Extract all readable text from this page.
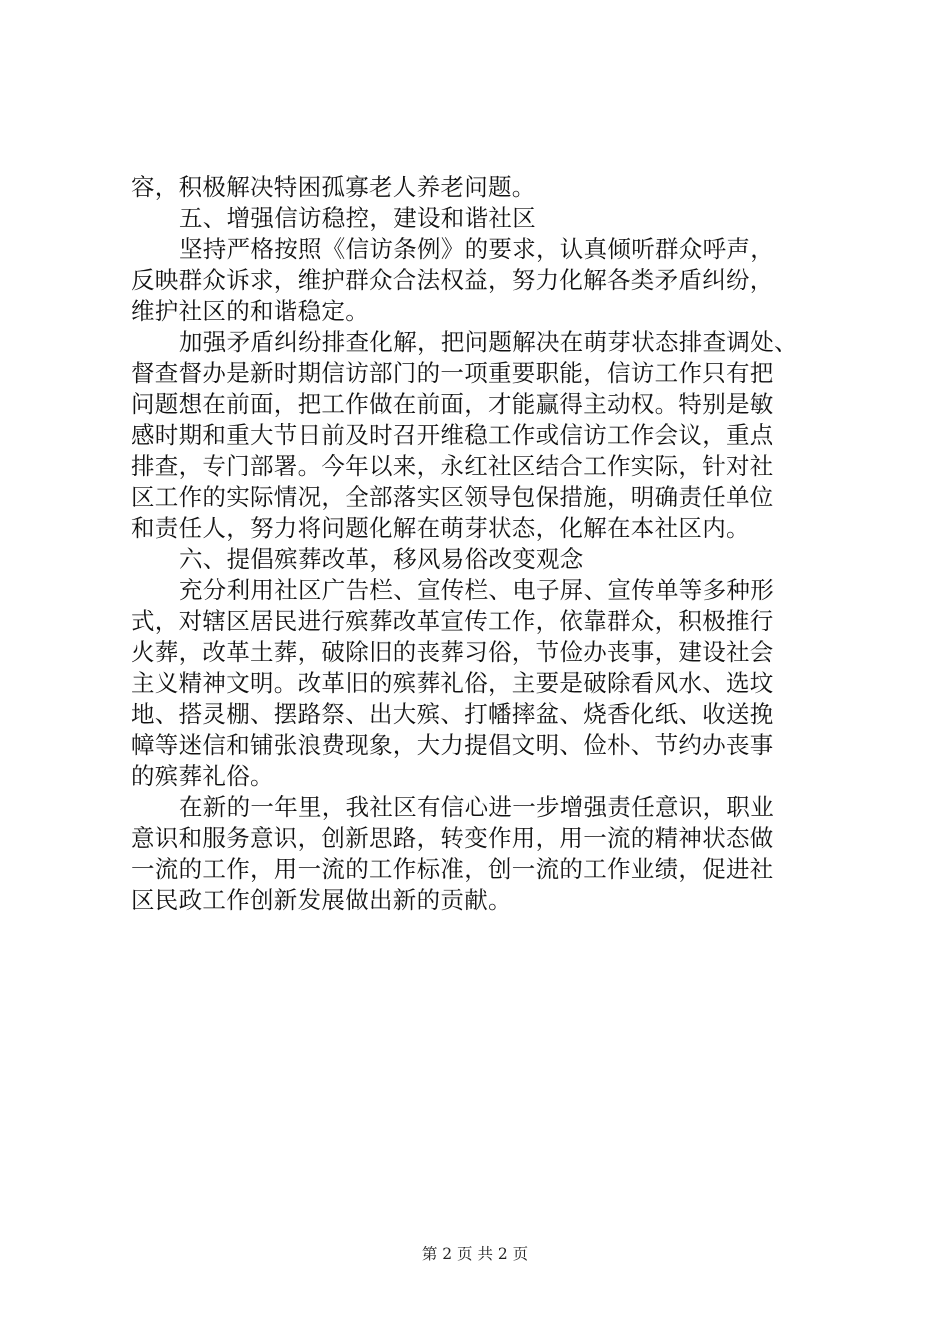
容，积极解决特困孤寡老人养老问题。
五、增强信访稳控，建设和谐社区
坚持严格按照《信访条例》的要求，认真倾听群众呼声，
反映群众诉求，维护群众合法权益，努力化解各类矛盾纠纷，
维护社区的和谐稳定。
加强矛盾纠纷排查化解，把问题解决在萌芽状态排查调处、
督查督办是新时期信访部门的一项重要职能，信访工作只有把
问题想在前面，把工作做在前面，才能赢得主动权。特别是敏
感时期和重大节日前及时召开维稳工作或信访工作会议，重点
排查，专门部署。今年以来，永红社区结合工作实际，针对社
区工作的实际情况，全部落实区领导包保措施，明确责任单位
和责任人，努力将问题化解在萌芽状态，化解在本社区内。
六、提倡殡葬改革，移风易俗改变观念
充分利用社区广告栏、宣传栏、电子屏、宣传单等多种形
式，对辖区居民进行殡葬改革宣传工作，依靠群众，积极推行
火葬，改革土葬，破除旧的丧葬习俗，节俭办丧事，建设社会
主义精神文明。改革旧的殡葬礼俗，主要是破除看风水、选坟
地、搭灵棚、摆路祭、出大殡、打幡摔盆、烧香化纸、收送挽
幛等迷信和铺张浪费现象，大力提倡文明、俭朴、节约办丧事
的殡葬礼俗。
在新的一年里，我社区有信心进一步增强责任意识，职业
意识和服务意识，创新思路，转变作用，用一流的精神状态做
一流的工作，用一流的工作标准，创一流的工作业绩，促进社
区民政工作创新发展做出新的贡献。
第 2 页 共 2 页
